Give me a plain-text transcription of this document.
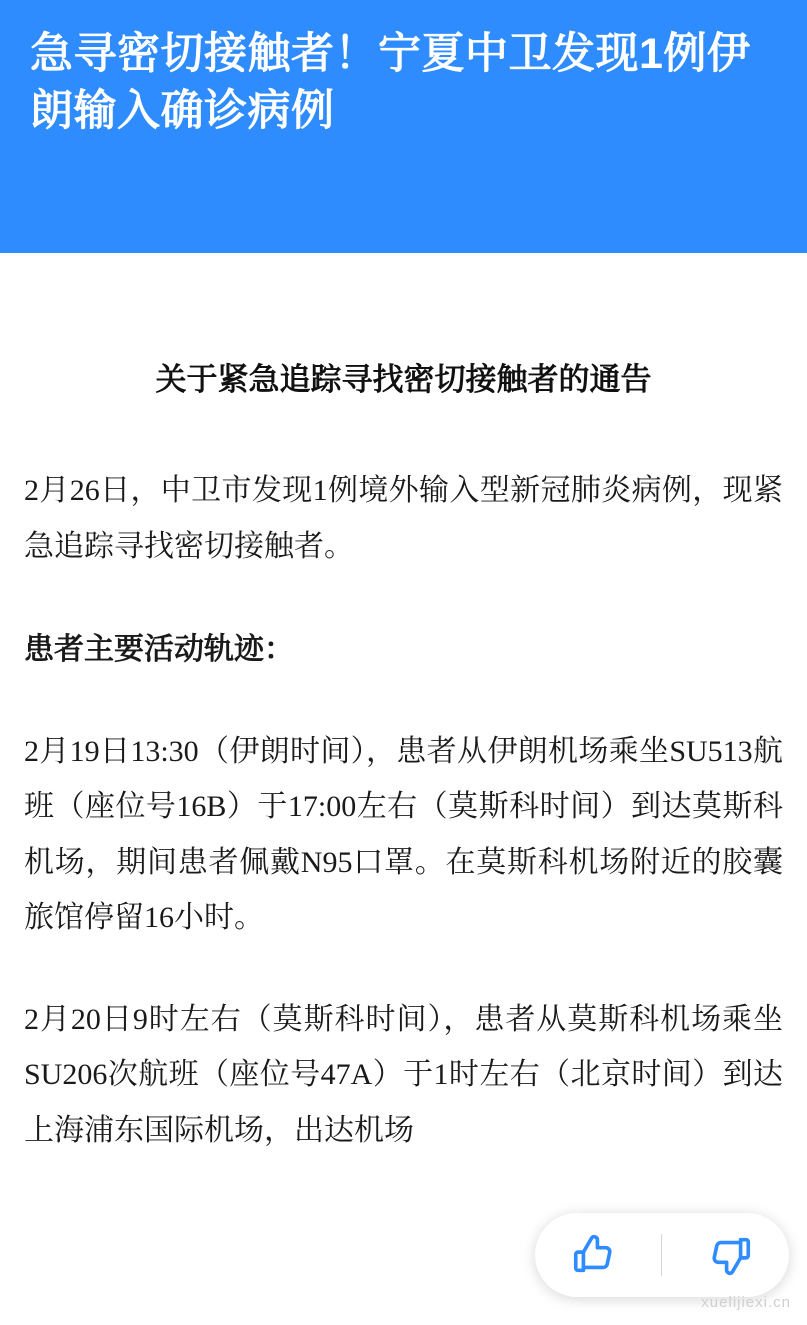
急寻密切接触者！宁夏中卫发现1例伊朗输入确诊病例
关于紧急追踪寻找密切接触者的通告

2月26日，中卫市发现1例境外输入型新冠肺炎病例，现紧急追踪寻找密切接触者。

患者主要活动轨迹：

2月19日13:30（伊朗时间），患者从伊朗机场乘坐SU513航班（座位号16B）于17:00左右（莫斯科时间）到达莫斯科机场，期间患者佩戴N95口罩。在莫斯科机场附近的胶囊旅馆停留16小时。

2月20日9时左右（莫斯科时间），患者从莫斯科机场乘坐SU206次航班（座位号47A）于1时左右（北京时间）到达上海浦东国际机场，出达机场

xuelijiexi.cn
